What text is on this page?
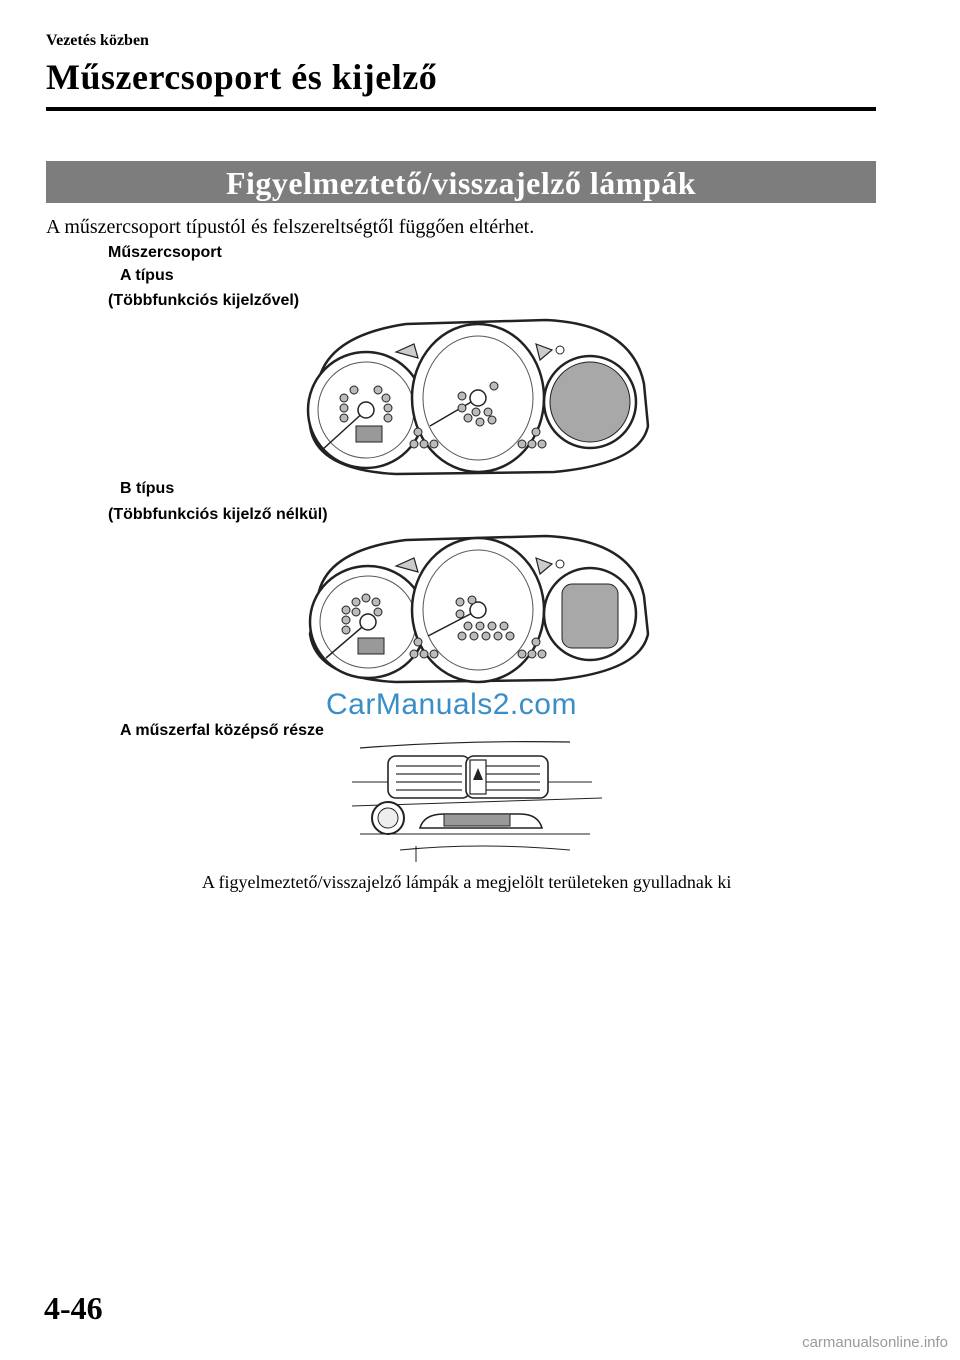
Vezetés közben
Műszercsoport és kijelző
Figyelmeztető/visszajelző lámpák
A műszercsoport típustól és felszereltségtől függően eltérhet.
Műszercsoport
A típus
(Többfunkciós kijelzővel)
B típus
(Többfunkciós kijelző nélkül)
CarManuals2.com
A műszerfal középső része
A figyelmeztető/visszajelző lámpák a megjelölt területeken gyulladnak ki
4-46
carmanualsonline.info
